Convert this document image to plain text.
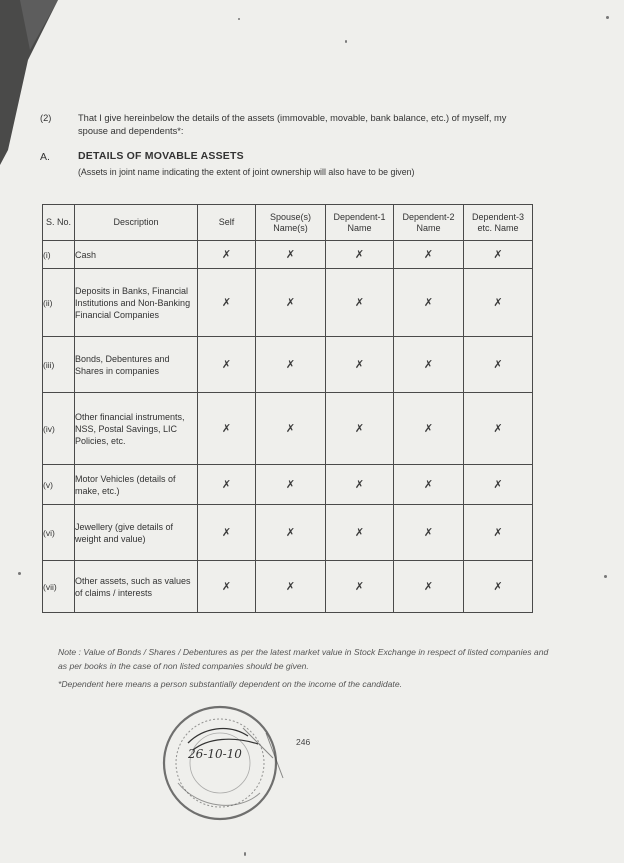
(2)	That I give hereinbelow the details of the assets (immovable, movable, bank balance, etc.) of myself, my spouse and dependents*:
A.	DETAILS OF MOVABLE ASSETS
(Assets in joint name indicating the extent of joint ownership will also have to be given)
S. No.	Description	Self	Spouse(s) Name(s)	Dependent-1 Name	Dependent-2 Name	Dependent-3 etc. Name
(i)	Cash	✗	✗	✗	✗	✗
(ii)	Deposits in Banks, Financial Institutions and Non-Banking Financial Companies	✗	✗	✗	✗	✗
(iii)	Bonds, Debentures and Shares in companies	✗	✗	✗	✗	✗
(iv)	Other financial instruments, NSS, Postal Savings, LIC Policies, etc.	✗	✗	✗	✗	✗
(v)	Motor Vehicles (details of make, etc.)	✗	✗	✗	✗	✗
(vi)	Jewellery (give details of weight and value)	✗	✗	✗	✗	✗
(vii)	Other assets, such as values of claims / interests	✗	✗	✗	✗	✗
Note : Value of Bonds / Shares / Debentures as per the latest market value in Stock Exchange in respect of listed companies and as per books in the case of non listed companies should be given.
*Dependent here means a person substantially dependent on the income of the candidate.
26-10-10
246
